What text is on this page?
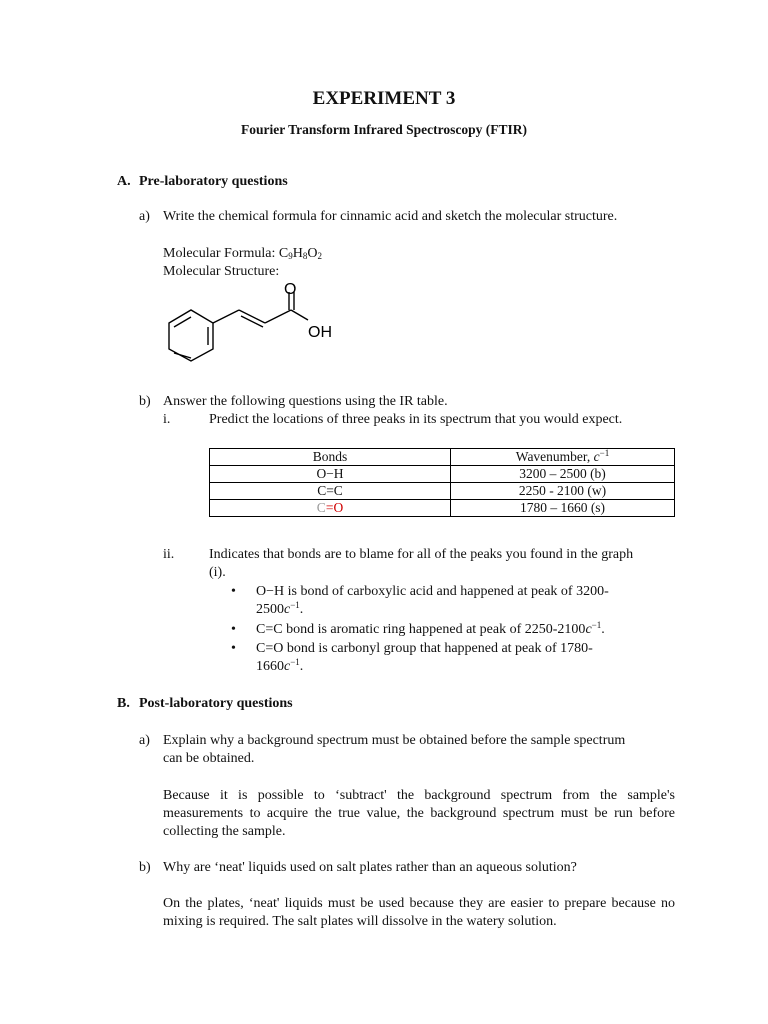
EXPERIMENT 3
Fourier Transform Infrared Spectroscopy (FTIR)
A. Pre-laboratory questions
a) Write the chemical formula for cinnamic acid and sketch the molecular structure.
Molecular Formula: $C_9H_8O_2$
Molecular Structure:
O
OH
b) Answer the following questions using the IR table.
i.	Predict the locations of three peaks in its spectrum that you would expect.
Bonds	Wavenumber, $c^{-1}$
O−H	3200 – 2500 (b)
C=C	2250 - 2100 (w)
C=O	1780 – 1660 (s)
ii. Indicates that bonds are to blame for all of the peaks you found in the graph
(i).
• O−H is bond of carboxylic acid and happened at peak of 3200-
$2500c^{-1}$.
• C=C bond is aromatic ring happened at peak of $2250-2100c^{-1}$.
• C=O bond is carbonyl group that happened at peak of 1780-
$1660c^{-1}$.
B. Post-laboratory questions
a) Explain why a background spectrum must be obtained before the sample spectrum
can be obtained.
Because it is possible to ‘subtract' the background spectrum from the sample's measurements to acquire the true value, the background spectrum must be run before collecting the sample.
b) Why are ‘neat' liquids used on salt plates rather than an aqueous solution?
On the plates, ‘neat' liquids must be used because they are easier to prepare because no mixing is required. The salt plates will dissolve in the watery solution.
